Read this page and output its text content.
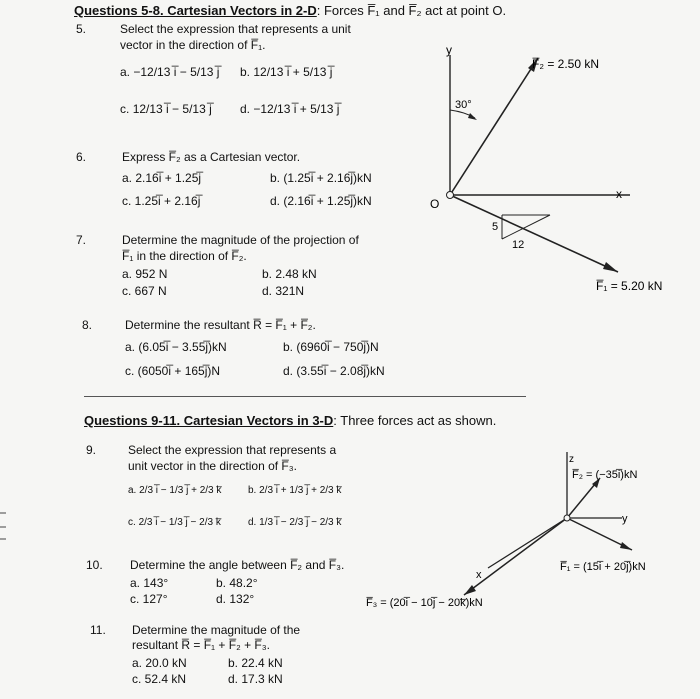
Questions 5-8. Cartesian Vectors in 2-D: Forces F̅₁ and F̅₂ act at point O.
5.	Select the expression that represents a unit
vector in the direction of F̅₁.
a. −12/13 i̅ − 5/13 j̅ b. 12/13 i̅ + 5/13 j̅
c. 12/13 i̅ − 5/13 j̅ d. −12/13 i̅ + 5/13 j̅
6.	Express F̅₂ as a Cartesian vector.
a. 2.16i̅ + 1.25j̅	b. (1.25i̅ + 2.16j̅)kN
c. 1.25i̅ + 2.16j̅	d. (2.16i̅ + 1.25j̅)kN
7.	Determine the magnitude of the projection of
F̅₁ in the direction of F̅₂.
a. 952 N	b. 2.48 kN
c. 667 N	d. 321N
8.	Determine the resultant R̅ = F̅₁ + F̅₂.
a. (6.05i̅ − 3.55j̅)kN	b. (6960i̅ − 750j̅)N
c. (6050i̅ + 165j̅)N	d. (3.55i̅ − 2.08j̅)kN
y
x
O
F̅₂ = 2.50 kN
30°
5
12
F̅₁ = 5.20 kN
Questions 9-11. Cartesian Vectors in 3-D: Three forces act as shown.
9.	Select the expression that represents a
unit vector in the direction of F̅₃.
a. 2/3 i̅ − 1/3 j̅ + 2/3 k̅	b. 2/3 i̅ + 1/3 j̅ + 2/3 k̅
c. 2/3 i̅ − 1/3 j̅ − 2/3 k̅	d. 1/3 i̅ − 2/3 j̅ − 2/3 k̅
10. Determine the angle between F̅₂ and F̅₃.
a. 143°	b. 48.2°
c. 127°	d. 132°
11. Determine the magnitude of the
resultant R̅ = F̅₁ + F̅₂ + F̅₃.
a. 20.0 kN	b. 22.4 kN
c. 52.4 kN	d. 17.3 kN
z
y
x
F̅₂ = (−35i̅)kN
F̅₁ = (15i̅ + 20j̅)kN
F̅₃ = (20i̅ − 10j̅ − 20k̅)kN
